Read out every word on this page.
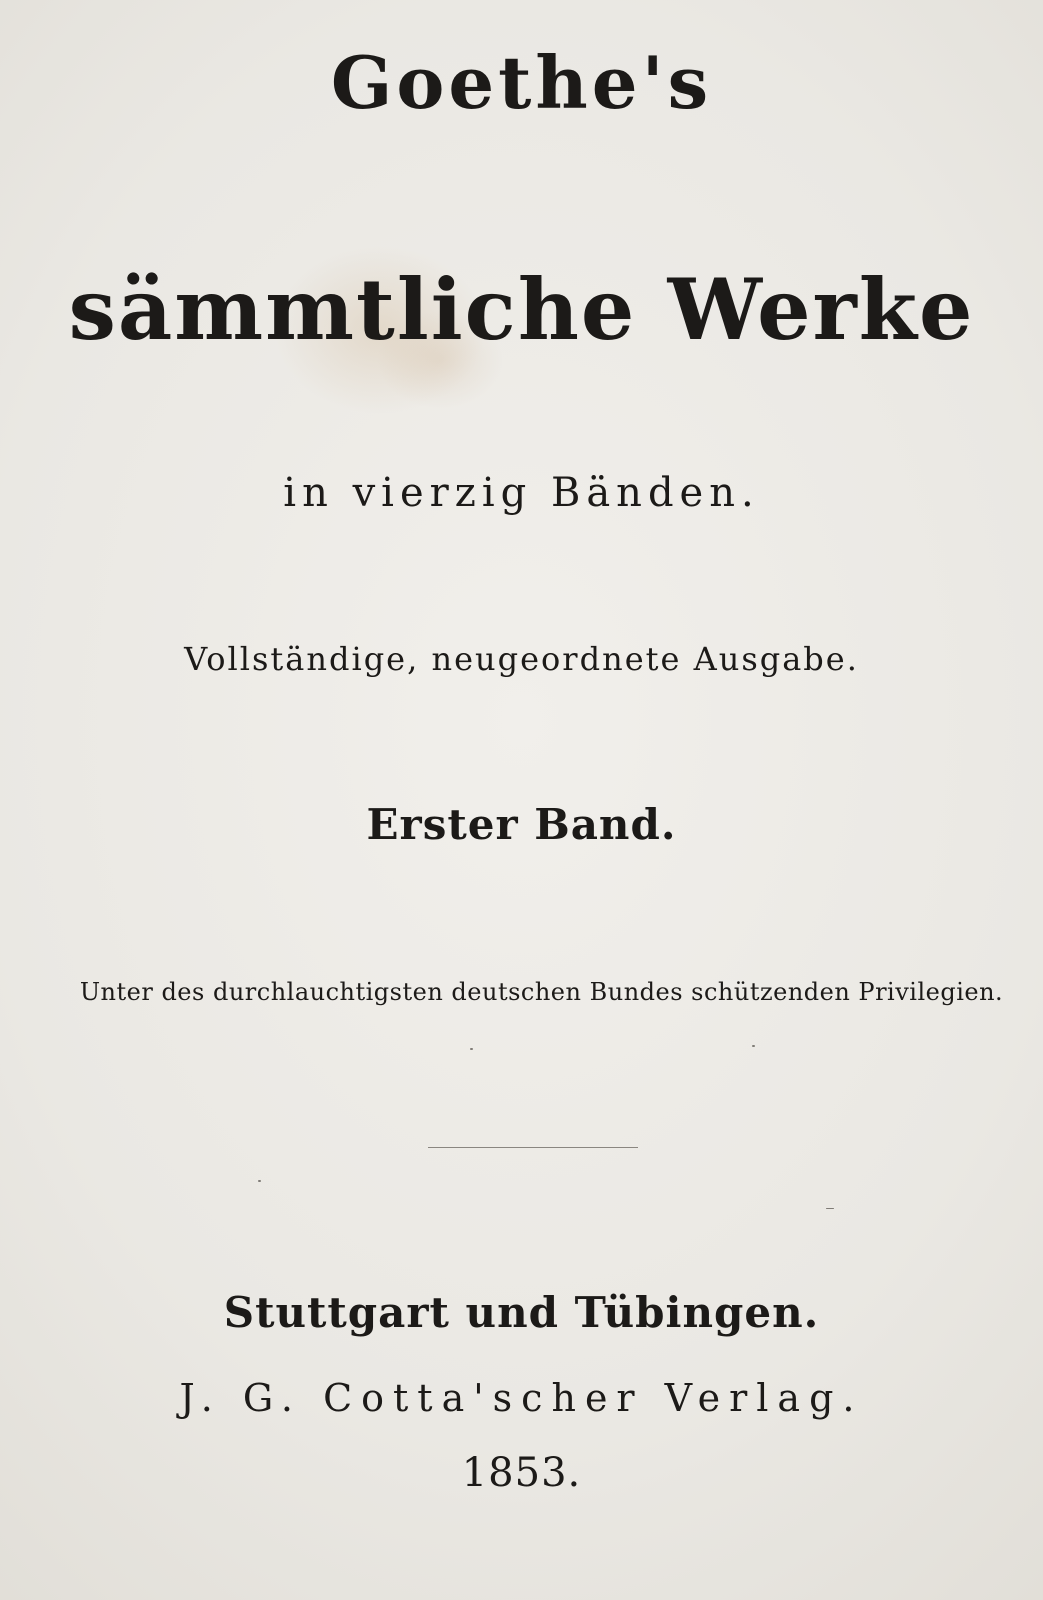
Goethe's

sämmtliche Werke

in vierzig Bänden.

Vollständige, neugeordnete Ausgabe.

Erster Band.

Unter des durchlauchtigsten deutschen Bundes schützenden Privilegien.

Stuttgart und Tübingen.

J. G. Cotta'scher Verlag.

1853.
